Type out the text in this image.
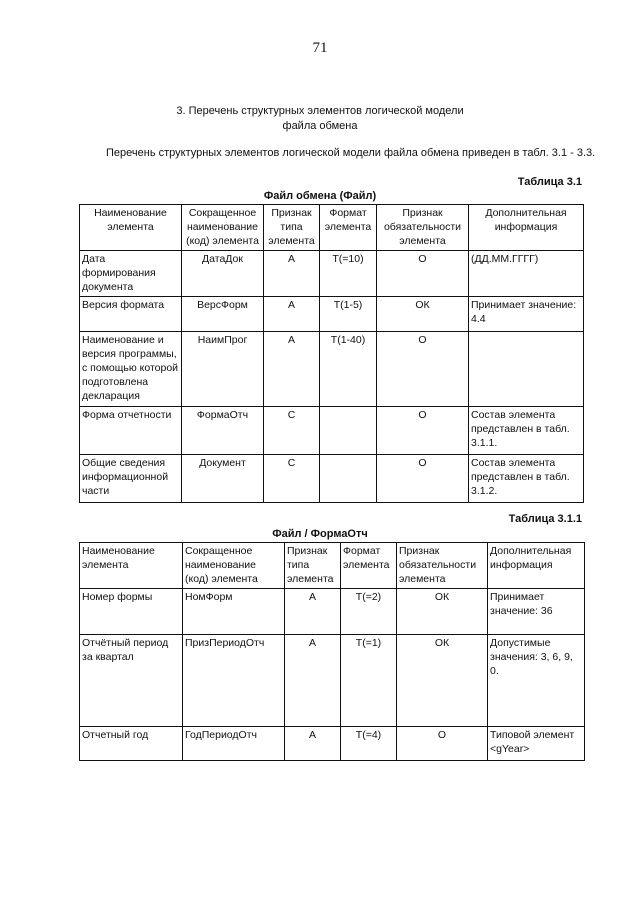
71
3. Перечень структурных элементов логической модели
файла обмена
Перечень структурных элементов логической модели файла обмена приведен в табл. 3.1 - 3.3.
Таблица 3.1
Файл обмена (Файл)
Наименование элемента	Сокращенное наименование (код) элемента	Признак типа элемента	Формат элемента	Признак обязательности элемента	Дополнительная информация
Дата формирования документа	ДатаДок	А	Т(=10)	О	(ДД.ММ.ГГГГ)
Версия формата	ВерсФорм	А	Т(1-5)	ОК	Принимает значение: 4.4
Наименование и версия программы, с помощью которой подготовлена декларация	НаимПрог	А	Т(1-40)	О	
Форма отчетности	ФормаОтч	С		О	Состав элемента представлен в табл. 3.1.1.
Общие сведения информационной части	Документ	С		О	Состав элемента представлен в табл. 3.1.2.
Таблица 3.1.1
Файл / ФормаОтч
Наименование элемента	Сокращенное наименование (код) элемента	Признак типа элемента	Формат элемента	Признак обязательности элемента	Дополнительная информация
Номер формы	НомФорм	А	Т(=2)	ОК	Принимает значение: 36
Отчётный период за квартал	ПризПериодОтч	А	Т(=1)	ОК	Допустимые значения: 3, 6, 9, 0.
Отчетный год	ГодПериодОтч	А	Т(=4)	О	Типовой элемент <gYear>
